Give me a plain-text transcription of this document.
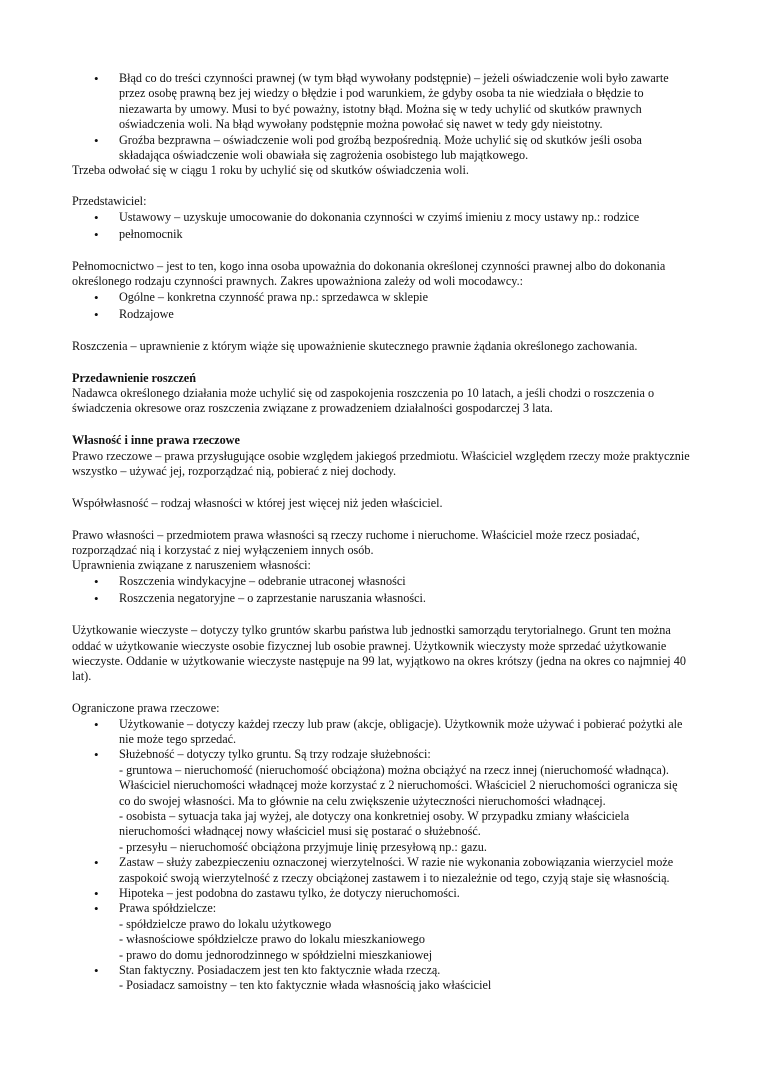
• Błąd co do treści czynności prawnej (w tym błąd wywołany podstępnie) – jeżeli oświadczenie woli było zawarte przez osobę prawną bez jej wiedzy o błędzie i pod warunkiem, że gdyby osoba ta nie wiedziała o błędzie to niezawarta by umowy. Musi to być poważny, istotny błąd. Można się w tedy uchylić od skutków prawnych oświadczenia woli. Na błąd wywołany podstępnie można powołać się nawet w tedy gdy nieistotny.
• Groźba bezprawna – oświadczenie woli pod groźbą bezpośrednią. Może uchylić się od skutków jeśli osoba składająca oświadczenie woli obawiała się zagrożenia osobistego lub majątkowego.

Trzeba odwołać się w ciągu 1 roku by uchylić się od skutków oświadczenia woli.

Przedstawiciel:

• Ustawowy – uzyskuje umocowanie do dokonania czynności w czyimś imieniu z mocy ustawy np.: rodzice
• pełnomocnik

Pełnomocnictwo – jest to ten, kogo inna osoba upoważnia do dokonania określonej czynności prawnej albo do dokonania określonego rodzaju czynności prawnych. Zakres upoważniona zależy od woli mocodawcy.:

• Ogólne – konkretna czynność prawa np.: sprzedawca w sklepie
• Rodzajowe

Roszczenia – uprawnienie z którym wiąże się upoważnienie skutecznego prawnie żądania określonego zachowania.

Przedawnienie roszczeń

Nadawca określonego działania może uchylić się od zaspokojenia roszczenia po 10 latach, a jeśli chodzi o roszczenia o świadczenia okresowe oraz roszczenia związane z prowadzeniem działalności gospodarczej 3 lata.

Własność i inne prawa rzeczowe

Prawo rzeczowe – prawa przysługujące osobie względem jakiegoś przedmiotu. Właściciel względem rzeczy może praktycznie wszystko – używać jej, rozporządzać nią, pobierać z niej dochody.

Współwłasność – rodzaj własności w której jest więcej niż jeden właściciel.

Prawo własności – przedmiotem prawa własności są rzeczy ruchome i nieruchome. Właściciel może rzecz posiadać, rozporządzać nią i korzystać z niej wyłączeniem innych osób.

Uprawnienia związane z naruszeniem własności:

• Roszczenia windykacyjne – odebranie utraconej własności
• Roszczenia negatoryjne – o zaprzestanie naruszania własności.

Użytkowanie wieczyste – dotyczy tylko gruntów skarbu państwa lub jednostki samorządu terytorialnego. Grunt ten można oddać w użytkowanie wieczyste osobie fizycznej lub osobie prawnej. Użytkownik wieczysty może sprzedać użytkowanie wieczyste. Oddanie w użytkowanie wieczyste następuje na 99 lat, wyjątkowo na okres krótszy (jedna na okres co najmniej 40 lat).

Ograniczone prawa rzeczowe:

• Użytkowanie – dotyczy każdej rzeczy lub praw (akcje, obligacje). Użytkownik może używać i pobierać pożytki ale nie może tego sprzedać.
• Służebność – dotyczy tylko gruntu. Są trzy rodzaje służebności:
- gruntowa – nieruchomość (nieruchomość obciążona) można obciążyć na rzecz innej (nieruchomość władnąca). Właściciel nieruchomości władnącej może korzystać z 2 nieruchomości. Właściciel 2 nieruchomości ogranicza się co do swojej własności. Ma to głównie na celu zwiększenie użyteczności nieruchomości władnącej.
- osobista – sytuacja taka jaj wyżej, ale dotyczy ona konkretniej osoby. W przypadku zmiany właściciela nieruchomości władnącej nowy właściciel musi się postarać o służebność.
- przesyłu – nieruchomość obciążona przyjmuje linię przesyłową np.: gazu.
• Zastaw – służy zabezpieczeniu oznaczonej wierzytelności. W razie nie wykonania zobowiązania wierzyciel może zaspokoić swoją wierzytelność z rzeczy obciążonej zastawem i to niezależnie od tego, czyją staje się własnością.
• Hipoteka – jest podobna do zastawu tylko, że dotyczy nieruchomości.
• Prawa spółdzielcze:
- spółdzielcze prawo do lokalu użytkowego
- własnościowe spółdzielcze prawo do lokalu mieszkaniowego
- prawo do domu jednorodzinnego w spółdzielni mieszkaniowej
• Stan faktyczny. Posiadaczem jest ten kto faktycznie włada rzeczą.
- Posiadacz samoistny – ten kto faktycznie włada własnością jako właściciel
